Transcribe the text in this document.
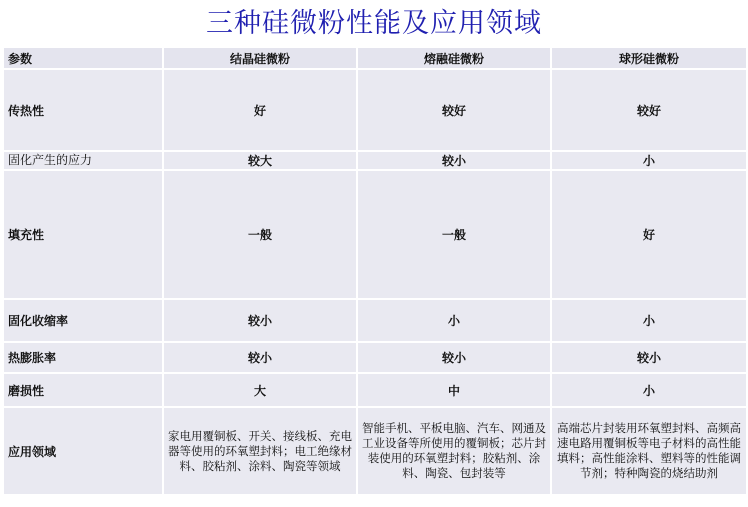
三种硅微粉性能及应用领域
参数	结晶硅微粉	熔融硅微粉	球形硅微粉
传热性	好	较好	较好
固化产生的应力	较大	较小	小
填充性	一般	一般	好
固化收缩率	较小	小	小
热膨胀率	较小	较小	较小
磨损性	大	中	小
应用领域	家电用覆铜板、开关、接线板、充电器等使用的环氧塑封料；电工绝缘材料、胶粘剂、涂料、陶瓷等领域	智能手机、平板电脑、汽车、网通及工业设备等所使用的覆铜板；芯片封装使用的环氧塑封料；胶粘剂、涂料、陶瓷、包封装等	高端芯片封装用环氧塑封料、高频高速电路用覆铜板等电子材料的高性能填料；高性能涂料、塑料等的性能调节剂；特种陶瓷的烧结助剂
